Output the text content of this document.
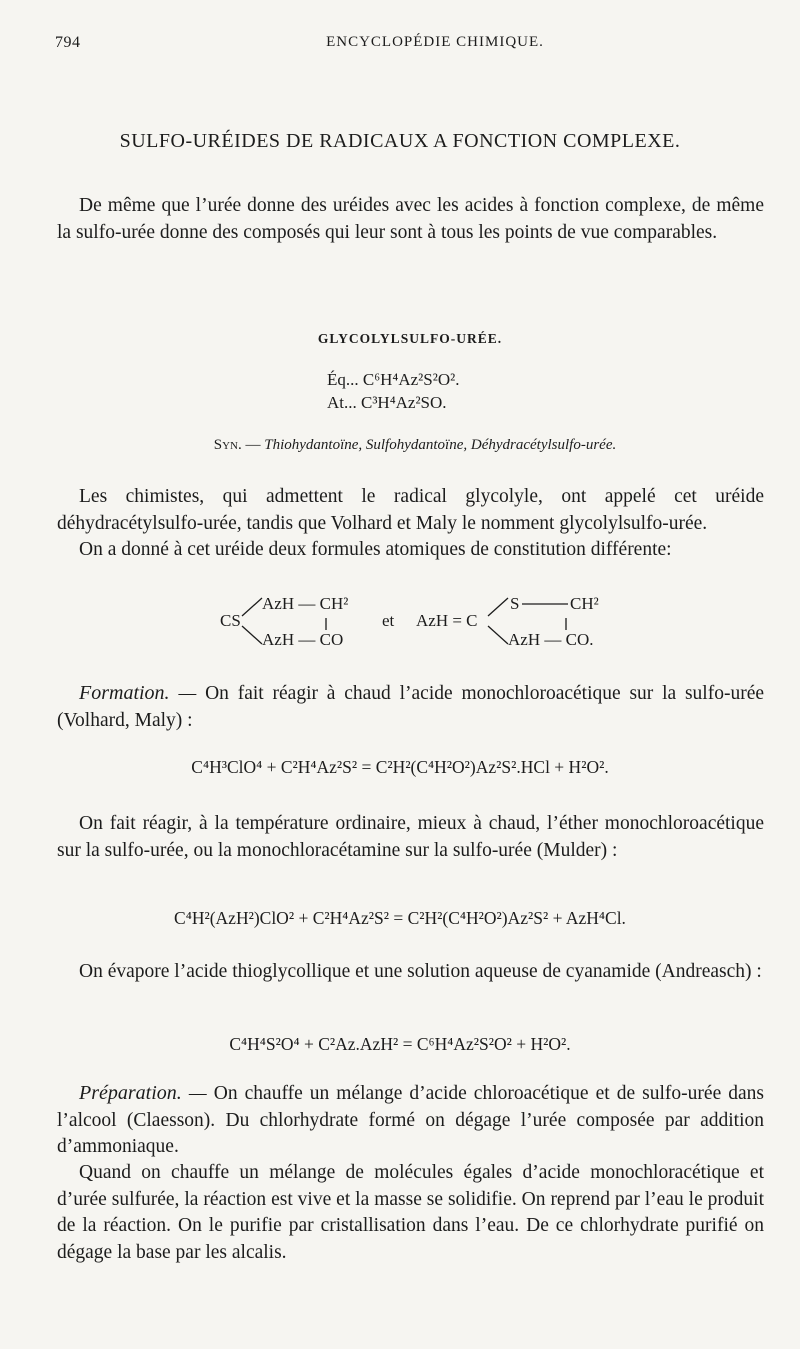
794	ENCYCLOPÉDIE CHIMIQUE.
SULFO-URÉIDES DE RADICAUX A FONCTION COMPLEXE.

De même que l’urée donne des uréides avec les acides à fonction complexe, de même la sulfo-urée donne des composés qui leur sont à tous les points de vue comparables.

GLYCOLYLSULFO-URÉE.
Éq... C⁶H⁴Az²S²O².
At... C³H⁴Az²SO.
Syn. — Thiohydantoïne, Sulfohydantoïne, Déhydracétylsulfo-urée.

Les chimistes, qui admettent le radical glycolyle, ont appelé cet uréide déhydracétylsulfo-urée, tandis que Volhard et Maly le nomment glycolylsulfo-urée.

On a donné à cet uréide deux formules atomiques de constitution différente:

CS
AzH — CH²
AzH — CO
et AzH = C
S	CH²
AzH — CO.

Formation. — On fait réagir à chaud l’acide monochloroacétique sur la sulfo-urée (Volhard, Maly) :

C⁴H³ClO⁴ + C²H⁴Az²S² = C²H²(C⁴H²O²)Az²S².HCl + H²O².

On fait réagir, à la température ordinaire, mieux à chaud, l’éther monochloroacétique sur la sulfo-urée, ou la monochloracétamine sur la sulfo-urée (Mulder) :

C⁴H²(AzH²)ClO² + C²H⁴Az²S² = C²H²(C⁴H²O²)Az²S² + AzH⁴Cl.

On évapore l’acide thioglycollique et une solution aqueuse de cyanamide (Andreasch) :

C⁴H⁴S²O⁴ + C²Az.AzH² = C⁶H⁴Az²S²O² + H²O².

Préparation. — On chauffe un mélange d’acide chloroacétique et de sulfo-urée dans l’alcool (Claesson). Du chlorhydrate formé on dégage l’urée composée par addition d’ammoniaque.

Quand on chauffe un mélange de molécules égales d’acide monochloracétique et d’urée sulfurée, la réaction est vive et la masse se solidifie. On reprend par l’eau le produit de la réaction. On le purifie par cristallisation dans l’eau. De ce chlorhydrate purifié on dégage la base par les alcalis.
